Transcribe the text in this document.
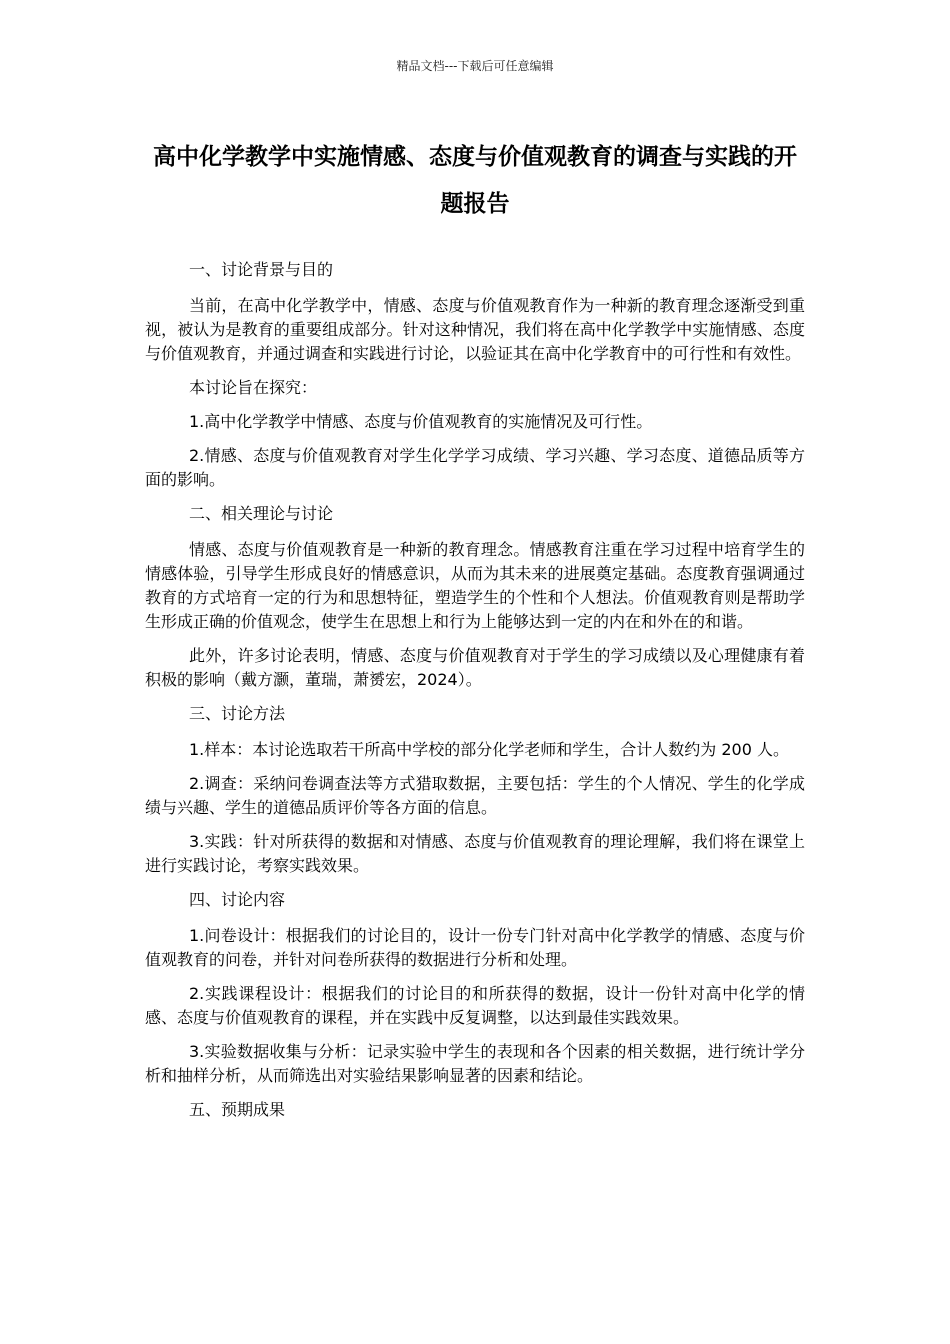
精品文档---下载后可任意编辑
高中化学教学中实施情感、态度与价值观教育的调查与实践的开题报告
一、讨论背景与目的

当前，在高中化学教学中，情感、态度与价值观教育作为一种新的教育理念逐渐受到重视，被认为是教育的重要组成部分。针对这种情况，我们将在高中化学教学中实施情感、态度与价值观教育，并通过调查和实践进行讨论，以验证其在高中化学教育中的可行性和有效性。

本讨论旨在探究：

1.高中化学教学中情感、态度与价值观教育的实施情况及可行性。

2.情感、态度与价值观教育对学生化学学习成绩、学习兴趣、学习态度、道德品质等方面的影响。

二、相关理论与讨论

情感、态度与价值观教育是一种新的教育理念。情感教育注重在学习过程中培育学生的情感体验，引导学生形成良好的情感意识，从而为其未来的进展奠定基础。态度教育强调通过教育的方式培育一定的行为和思想特征，塑造学生的个性和个人想法。价值观教育则是帮助学生形成正确的价值观念，使学生在思想上和行为上能够达到一定的内在和外在的和谐。

此外，许多讨论表明，情感、态度与价值观教育对于学生的学习成绩以及心理健康有着积极的影响（戴方灏，董瑞，萧赟宏，2024）。

三、讨论方法

1.样本：本讨论选取若干所高中学校的部分化学老师和学生，合计人数约为 200 人。

2.调查：采纳问卷调查法等方式猎取数据，主要包括：学生的个人情况、学生的化学成绩与兴趣、学生的道德品质评价等各方面的信息。

3.实践：针对所获得的数据和对情感、态度与价值观教育的理论理解，我们将在课堂上进行实践讨论，考察实践效果。

四、讨论内容

1.问卷设计：根据我们的讨论目的，设计一份专门针对高中化学教学的情感、态度与价值观教育的问卷，并针对问卷所获得的数据进行分析和处理。

2.实践课程设计：根据我们的讨论目的和所获得的数据，设计一份针对高中化学的情感、态度与价值观教育的课程，并在实践中反复调整，以达到最佳实践效果。

3.实验数据收集与分析：记录实验中学生的表现和各个因素的相关数据，进行统计学分析和抽样分析，从而筛选出对实验结果影响显著的因素和结论。

五、预期成果
